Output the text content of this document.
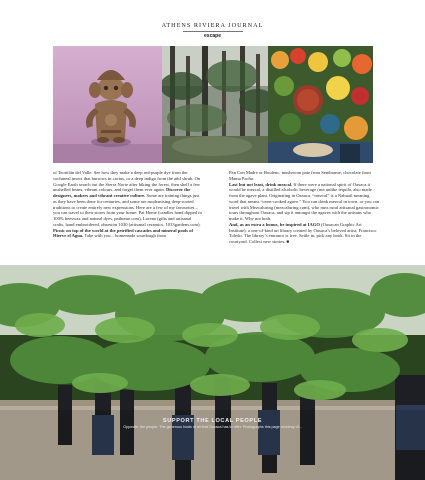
ATHENS RIVIERA JOURNAL
escape
of Teotitlán del Valle. See how they make a deep red-purple dye from the cochineal insect that burrows in cactus, or a deep indigo from the añil shrub. On Google Earth search out the Sierra Norte after hiking the forest, then shell a few unshelled beans, vibrant colours, and forget them ever again. Discover the designers, makers and vibrant creative culture. Some are training things just as they have been done for centuries, and some are modernising deep-rooted traditions to create entirely new expressions. Here are a few of my favourites – you can travel to their stores from your home: Pat Home (candles hand dipped in 100% beeswax and natural dyes, pathome.com), Lorena (gifts and artisanal crafts, hand embroidered, obsesión 1030 (artisanal ceramics, 1033gardens.com).
Picnic on top of the world at the petrified cascades and mineral pools of Hierve el Agua. Take with you... homemade sourdough from
Pan Con Madre or Boulenc, mushroom pate from Sembrame, chocolate from Mama Pacha.
Last but not least, drink mezcal. If there were a national spirit of Oaxaca it would be mezcal, a distilled alcoholic beverage (not unlike tequila, also made from the agave plant. Originating in Oaxaca, “mezcal” is a Nahuatl meaning word that means “oven-cooked agave.” You can drink mezcal in town, or you can travel with Mezcaluring (mezcaluring.com), who runs rural artisanal gastronomic tours throughout Oaxaca, and sip it amongst the agaves with the artisans who make it. Why not both.
And, as an extra a bonus, be inspired at IAGO (Oaxacan Graphic Art Institute), a one-of-kind art library created by Oaxaca’s beloved artist, Francisco Toledo. The library’s entrance is free. Settle in, pick any book. Sit in the courtyard. Collect new stories. ■
SUPPORT THE LOCAL PEOPLE
Opposite: the people. The generous hosts of all that Oaxaca has to offer. Photographs this page courtesy of...
